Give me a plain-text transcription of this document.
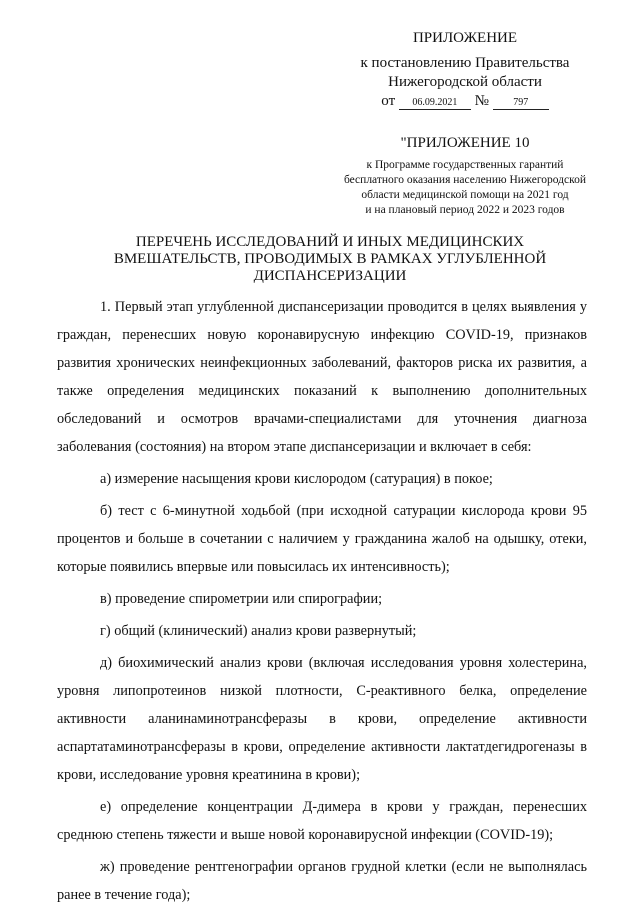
ПРИЛОЖЕНИЕ
к постановлению Правительства
Нижегородской области
от 06.09.2021 № 797
"ПРИЛОЖЕНИЕ 10
к Программе государственных гарантий
бесплатного оказания населению Нижегородской
области медицинской помощи на 2021 год
и на плановый период 2022 и 2023 годов
ПЕРЕЧЕНЬ ИССЛЕДОВАНИЙ И ИНЫХ МЕДИЦИНСКИХ
ВМЕШАТЕЛЬСТВ, ПРОВОДИМЫХ В РАМКАХ УГЛУБЛЕННОЙ
ДИСПАНСЕРИЗАЦИИ

1. Первый этап углубленной диспансеризации проводится в целях выявления у граждан, перенесших новую коронавирусную инфекцию COVID-19, признаков развития хронических неинфекционных заболеваний, факторов риска их развития, а также определения медицинских показаний к выполнению дополнительных обследований и осмотров врачами-специалистами для уточнения диагноза заболевания (состояния) на втором этапе диспансеризации и включает в себя:

а) измерение насыщения крови кислородом (сатурация) в покое;

б) тест с 6-минутной ходьбой (при исходной сатурации кислорода крови 95 процентов и больше в сочетании с наличием у гражданина жалоб на одышку, отеки, которые появились впервые или повысилась их интенсивность);

в) проведение спирометрии или спирографии;

г) общий (клинический) анализ крови развернутый;

д) биохимический анализ крови (включая исследования уровня холестерина, уровня липопротеинов низкой плотности, С-реактивного белка, определение активности аланинаминотрансферазы в крови, определение активности аспартатаминотрансферазы в крови, определение активности лактатдегидрогеназы в крови, исследование уровня креатинина в крови);

е) определение концентрации Д-димера в крови у граждан, перенесших среднюю степень тяжести и выше новой коронавирусной инфекции (COVID-19);

ж) проведение рентгенографии органов грудной клетки (если не выполнялась ранее в течение года);
